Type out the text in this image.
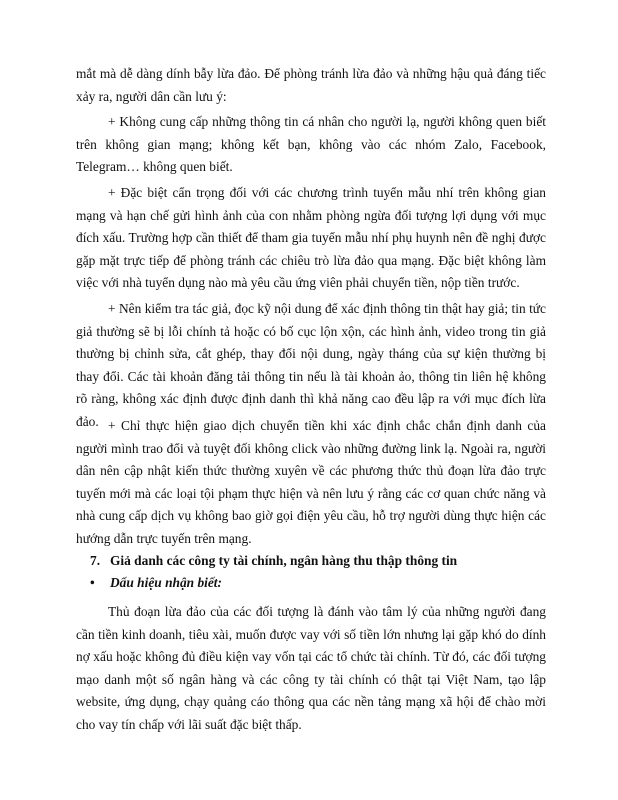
mắt mà dễ dàng dính bẫy lừa đảo. Để phòng tránh lừa đảo và những hậu quả đáng tiếc xảy ra, người dân cần lưu ý:

+ Không cung cấp những thông tin cá nhân cho người lạ, người không quen biết trên không gian mạng; không kết bạn, không vào các nhóm Zalo, Facebook, Telegram… không quen biết.

+ Đặc biệt cẩn trọng đối với các chương trình tuyển mẫu nhí trên không gian mạng và hạn chế gửi hình ảnh của con nhằm phòng ngừa đối tượng lợi dụng với mục đích xấu. Trường hợp cần thiết để tham gia tuyển mẫu nhí phụ huynh nên đề nghị được gặp mặt trực tiếp để phòng tránh các chiêu trò lừa đảo qua mạng. Đặc biệt không làm việc với nhà tuyển dụng nào mà yêu cầu ứng viên phải chuyển tiền, nộp tiền trước.

+ Nên kiểm tra tác giả, đọc kỹ nội dung để xác định thông tin thật hay giả; tin tức giả thường sẽ bị lỗi chính tả hoặc có bố cục lộn xộn, các hình ảnh, video trong tin giả thường bị chỉnh sửa, cắt ghép, thay đổi nội dung, ngày tháng của sự kiện thường bị thay đổi. Các tài khoản đăng tải thông tin nếu là tài khoản ảo, thông tin liên hệ không rõ ràng, không xác định được định danh thì khả năng cao đều lập ra với mục đích lừa đảo. + Chỉ thực hiện giao dịch chuyển tiền khi xác định chắc chắn định danh của người mình trao đổi và tuyệt đối không click vào những đường link lạ. Ngoài ra, người dân nên cập nhật kiến thức thường xuyên về các phương thức thủ đoạn lừa đảo trực tuyến mới mà các loại tội phạm thực hiện và nên lưu ý rằng các cơ quan chức năng và nhà cung cấp dịch vụ không bao giờ gọi điện yêu cầu, hỗ trợ người dùng thực hiện các hướng dẫn trực tuyến trên mạng.

7. Giả danh các công ty tài chính, ngân hàng thu thập thông tin
• Dấu hiệu nhận biết:

Thủ đoạn lừa đảo của các đối tượng là đánh vào tâm lý của những người đang cần tiền kinh doanh, tiêu xài, muốn được vay với số tiền lớn nhưng lại gặp khó do dính nợ xấu hoặc không đủ điều kiện vay vốn tại các tổ chức tài chính. Từ đó, các đối tượng mạo danh một số ngân hàng và các công ty tài chính có thật tại Việt Nam, tạo lập website, ứng dụng, chạy quảng cáo thông qua các nền tảng mạng xã hội để chào mời cho vay tín chấp với lãi suất đặc biệt thấp.
